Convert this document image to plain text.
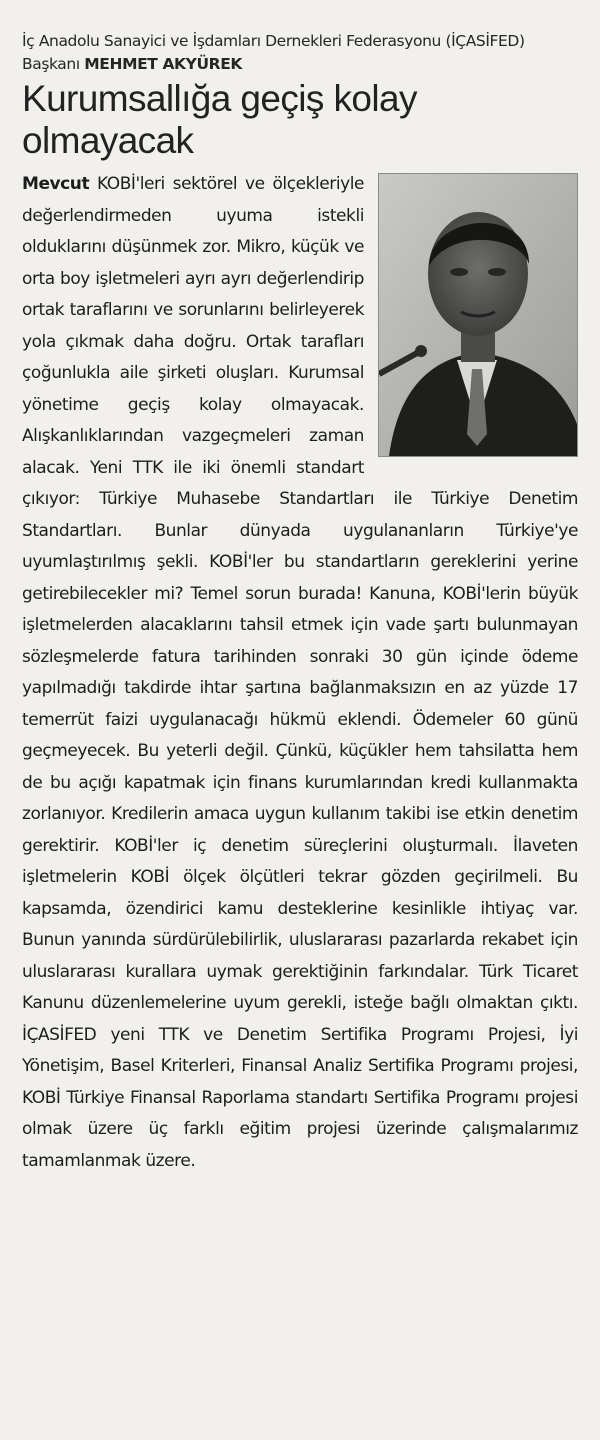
İç Anadolu Sanayici ve İşdamları Dernekleri Federasyonu (İÇASİFED) Başkanı MEHMET AKYÜREK
Kurumsallığa geçiş kolay olmayacak

Mevcut KOBİ'leri sektörel ve ölçekleriyle değerlendirmeden uyuma istekli olduklarını düşünmek zor. Mikro, küçük ve orta boy işletmeleri ayrı ayrı değerlendirip ortak taraflarını ve sorunlarını belirleyerek yola çıkmak daha doğru. Ortak tarafları çoğunlukla aile şirketi oluşları. Kurumsal yönetime geçiş kolay olmayacak. Alışkanlıklarından vazgeçmeleri zaman alacak. Yeni TTK ile iki önemli standart çıkıyor: Türkiye Muhasebe Standartları ile Türkiye Denetim Standartları. Bunlar dünyada uygulananların Türkiye'ye uyumlaştırılmış şekli. KOBİ'ler bu standartların gereklerini yerine getirebilecekler mi? Temel sorun burada! Kanuna, KOBİ'lerin büyük işletmelerden alacaklarını tahsil etmek için vade şartı bulunmayan sözleşmelerde fatura tarihinden sonraki 30 gün içinde ödeme yapılmadığı takdirde ihtar şartına bağlanmaksızın en az yüzde 17 temerrüt faizi uygulanacağı hükmü eklendi. Ödemeler 60 günü geçmeyecek. Bu yeterli değil. Çünkü, küçükler hem tahsilatta hem de bu açığı kapatmak için finans kurumlarından kredi kullanmakta zorlanıyor. Kredilerin amaca uygun kullanım takibi ise etkin denetim gerektirir. KOBİ'ler iç denetim süreçlerini oluşturmalı. İlaveten işletmelerin KOBİ ölçek ölçütleri tekrar gözden geçirilmeli. Bu kapsamda, özendirici kamu desteklerine kesinlikle ihtiyaç var. Bunun yanında sürdürülebilirlik, uluslararası pazarlarda rekabet için uluslararası kurallara uymak gerektiğinin farkındalar. Türk Ticaret Kanunu düzenlemelerine uyum gerekli, isteğe bağlı olmaktan çıktı. İÇASİFED yeni TTK ve Denetim Sertifika Programı Projesi, İyi Yönetişim, Basel Kriterleri, Finansal Analiz Sertifika Programı projesi, KOBİ Türkiye Finansal Raporlama standartı Sertifika Programı projesi olmak üzere üç farklı eğitim projesi üzerinde çalışmalarımız tamamlanmak üzere.
